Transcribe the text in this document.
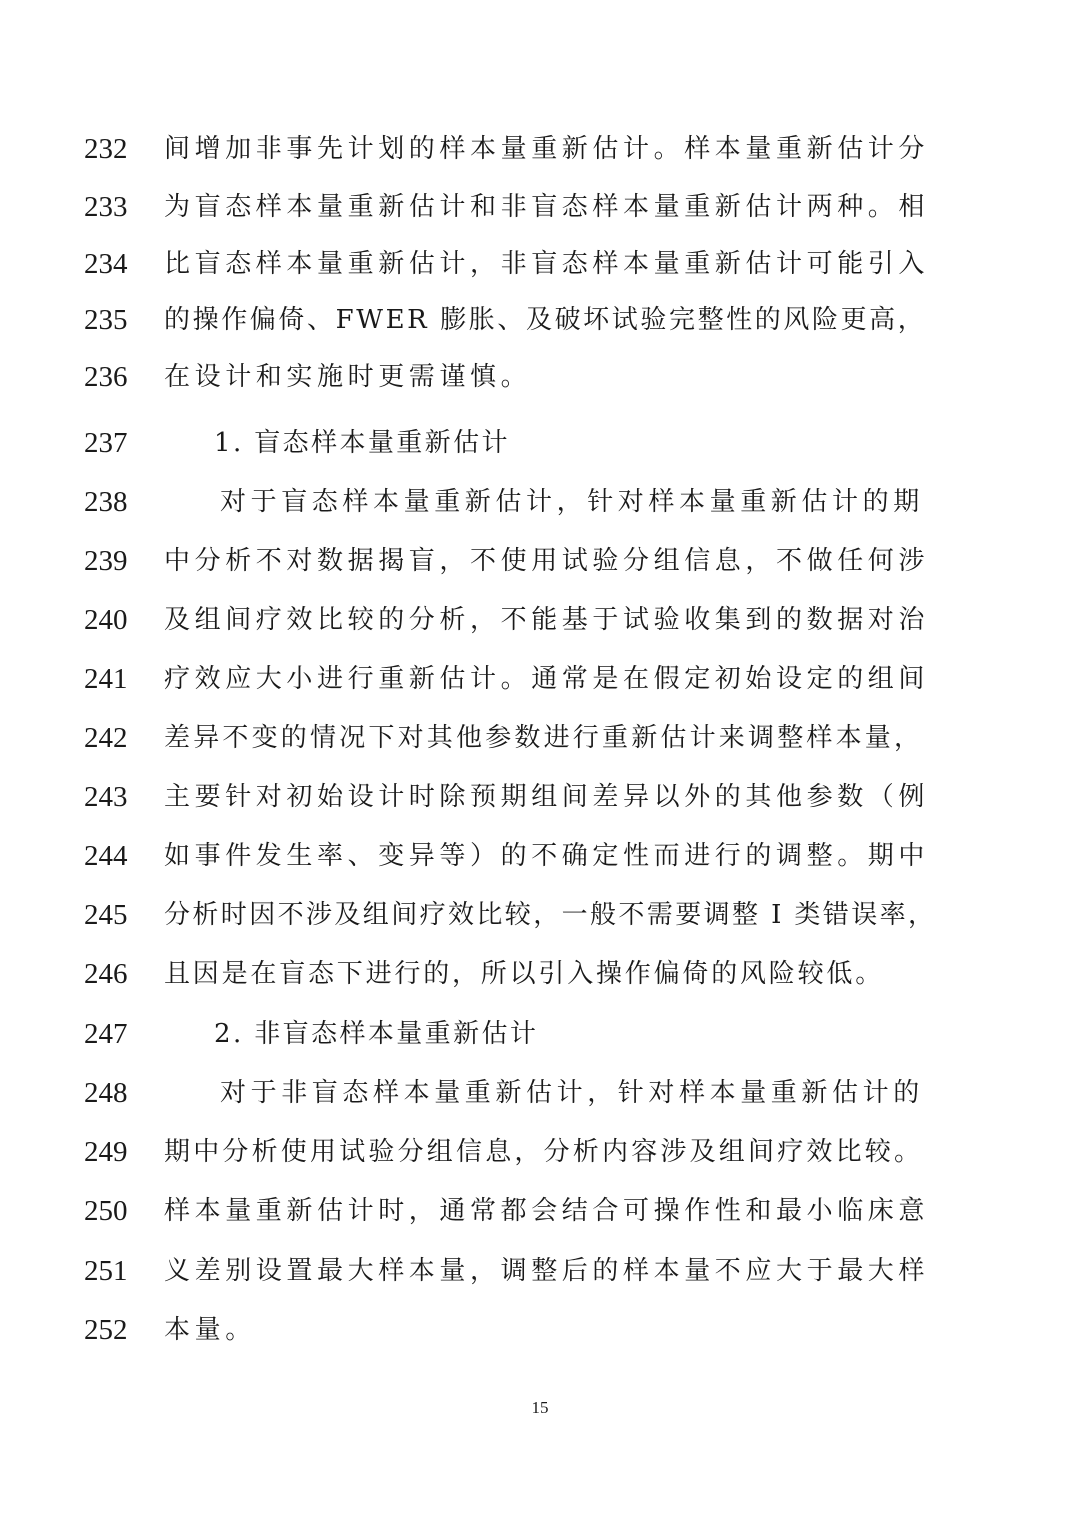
232	间增加非事先计划的样本量重新估计。样本量重新估计分
233	为盲态样本量重新估计和非盲态样本量重新估计两种。相
234	比盲态样本量重新估计，非盲态样本量重新估计可能引入
235	的操作偏倚、FWER 膨胀、及破坏试验完整性的风险更高，
236	在设计和实施时更需谨慎。
237	1. 盲态样本量重新估计
238	对于盲态样本量重新估计，针对样本量重新估计的期
239	中分析不对数据揭盲，不使用试验分组信息，不做任何涉
240	及组间疗效比较的分析，不能基于试验收集到的数据对治
241	疗效应大小进行重新估计。通常是在假定初始设定的组间
242	差异不变的情况下对其他参数进行重新估计来调整样本量，
243	主要针对初始设计时除预期组间差异以外的其他参数（例
244	如事件发生率、变异等）的不确定性而进行的调整。期中
245	分析时因不涉及组间疗效比较，一般不需要调整 I 类错误率，
246	且因是在盲态下进行的，所以引入操作偏倚的风险较低。
247	2. 非盲态样本量重新估计
248	对于非盲态样本量重新估计，针对样本量重新估计的
249	期中分析使用试验分组信息，分析内容涉及组间疗效比较。
250	样本量重新估计时，通常都会结合可操作性和最小临床意
251	义差别设置最大样本量，调整后的样本量不应大于最大样
252	本量。
15
